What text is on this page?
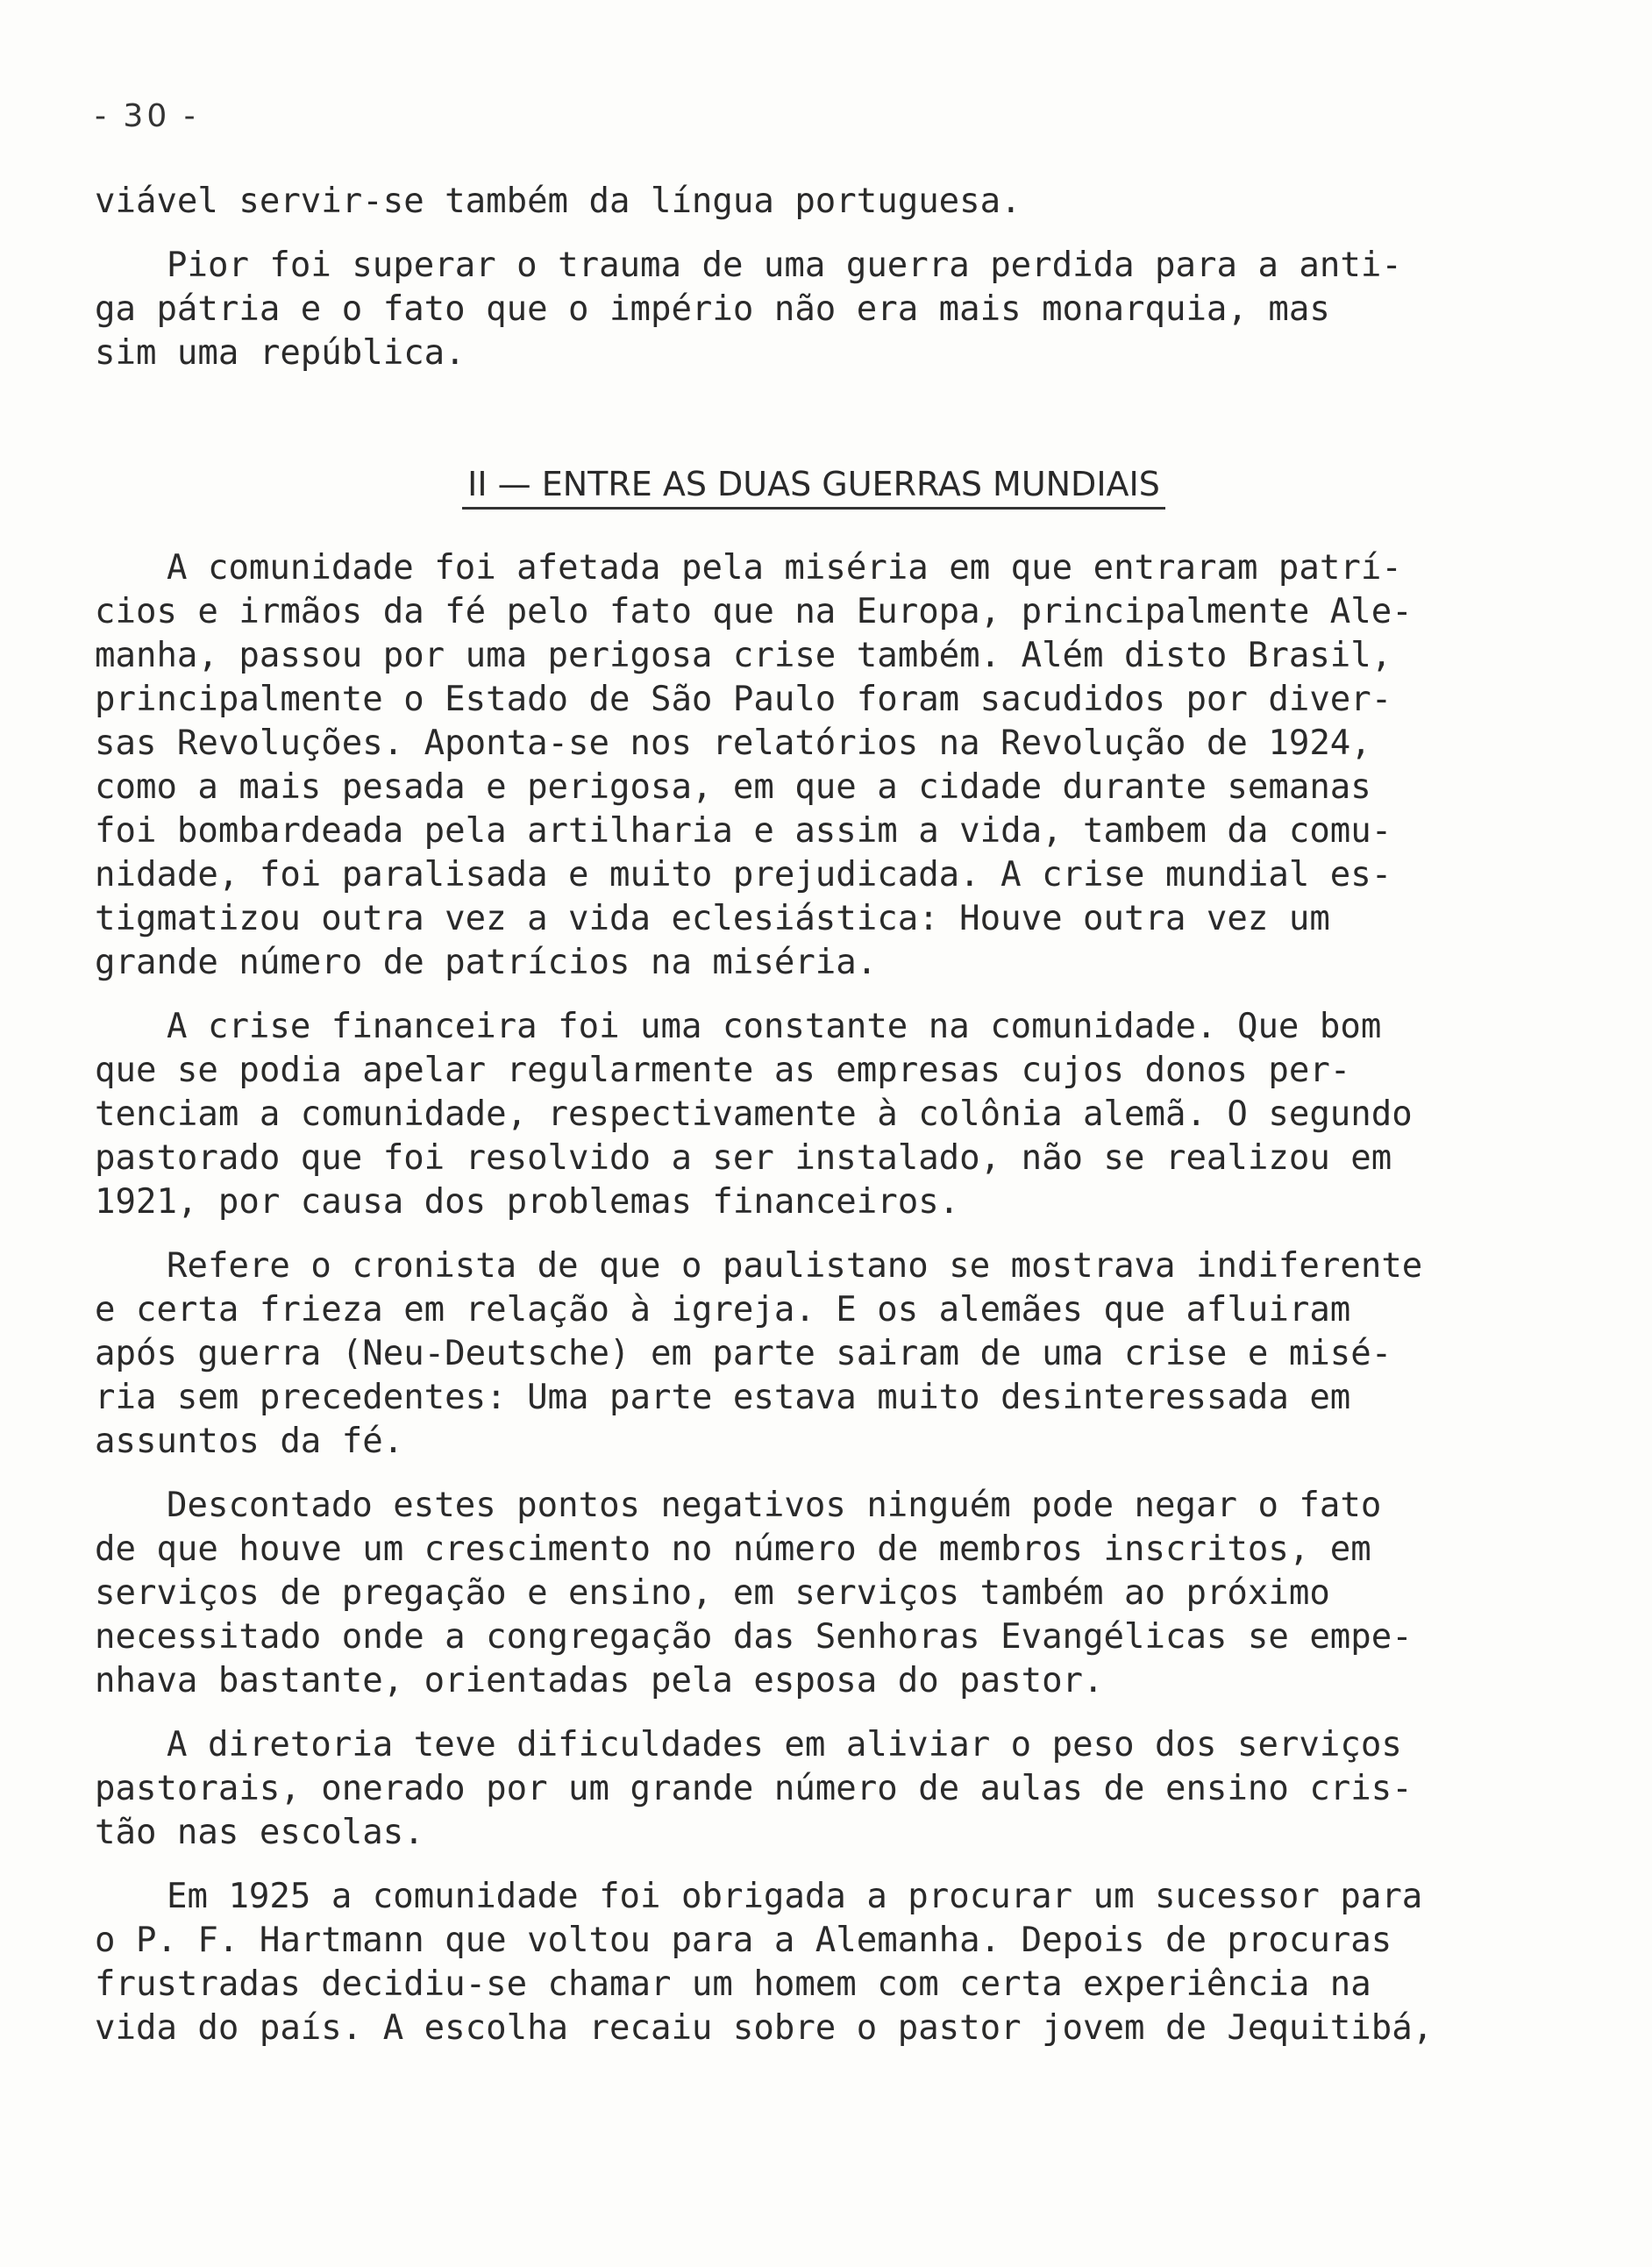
- 30 -

viável servir-se também da língua portuguesa.

Pior foi superar o trauma de uma guerra perdida para a anti-
ga pátria e o fato que o império não era mais monarquia, mas
sim uma república.

II — ENTRE AS DUAS GUERRAS MUNDIAIS

A comunidade foi afetada pela miséria em que entraram patrí-
cios e irmãos da fé pelo fato que na Europa, principalmente Ale-
manha, passou por uma perigosa crise também. Além disto Brasil,
principalmente o Estado de São Paulo foram sacudidos por diver-
sas Revoluções. Aponta-se nos relatórios na Revolução de 1924,
como a mais pesada e perigosa, em que a cidade durante semanas
foi bombardeada pela artilharia e assim a vida, tambem da comu-
nidade, foi paralisada e muito prejudicada. A crise mundial es-
tigmatizou outra vez a vida eclesiástica: Houve outra vez um
grande número de patrícios na miséria.

A crise financeira foi uma constante na comunidade. Que bom
que se podia apelar regularmente as empresas cujos donos per-
tenciam a comunidade, respectivamente à colônia alemã. O segundo
pastorado que foi resolvido a ser instalado, não se realizou em
1921, por causa dos problemas financeiros.

Refere o cronista de que o paulistano se mostrava indiferente
e certa frieza em relação à igreja. E os alemães que afluiram
após guerra (Neu-Deutsche) em parte sairam de uma crise e misé-
ria sem precedentes: Uma parte estava muito desinteressada em
assuntos da fé.

Descontado estes pontos negativos ninguém pode negar o fato
de que houve um crescimento no número de membros inscritos, em
serviços de pregação e ensino, em serviços também ao próximo
necessitado onde a congregação das Senhoras Evangélicas se empe-
nhava bastante, orientadas pela esposa do pastor.

A diretoria teve dificuldades em aliviar o peso dos serviços
pastorais, onerado por um grande número de aulas de ensino cris-
tão nas escolas.

Em 1925 a comunidade foi obrigada a procurar um sucessor para
o P. F. Hartmann que voltou para a Alemanha. Depois de procuras
frustradas decidiu-se chamar um homem com certa experiência na
vida do país. A escolha recaiu sobre o pastor jovem de Jequitibá,
